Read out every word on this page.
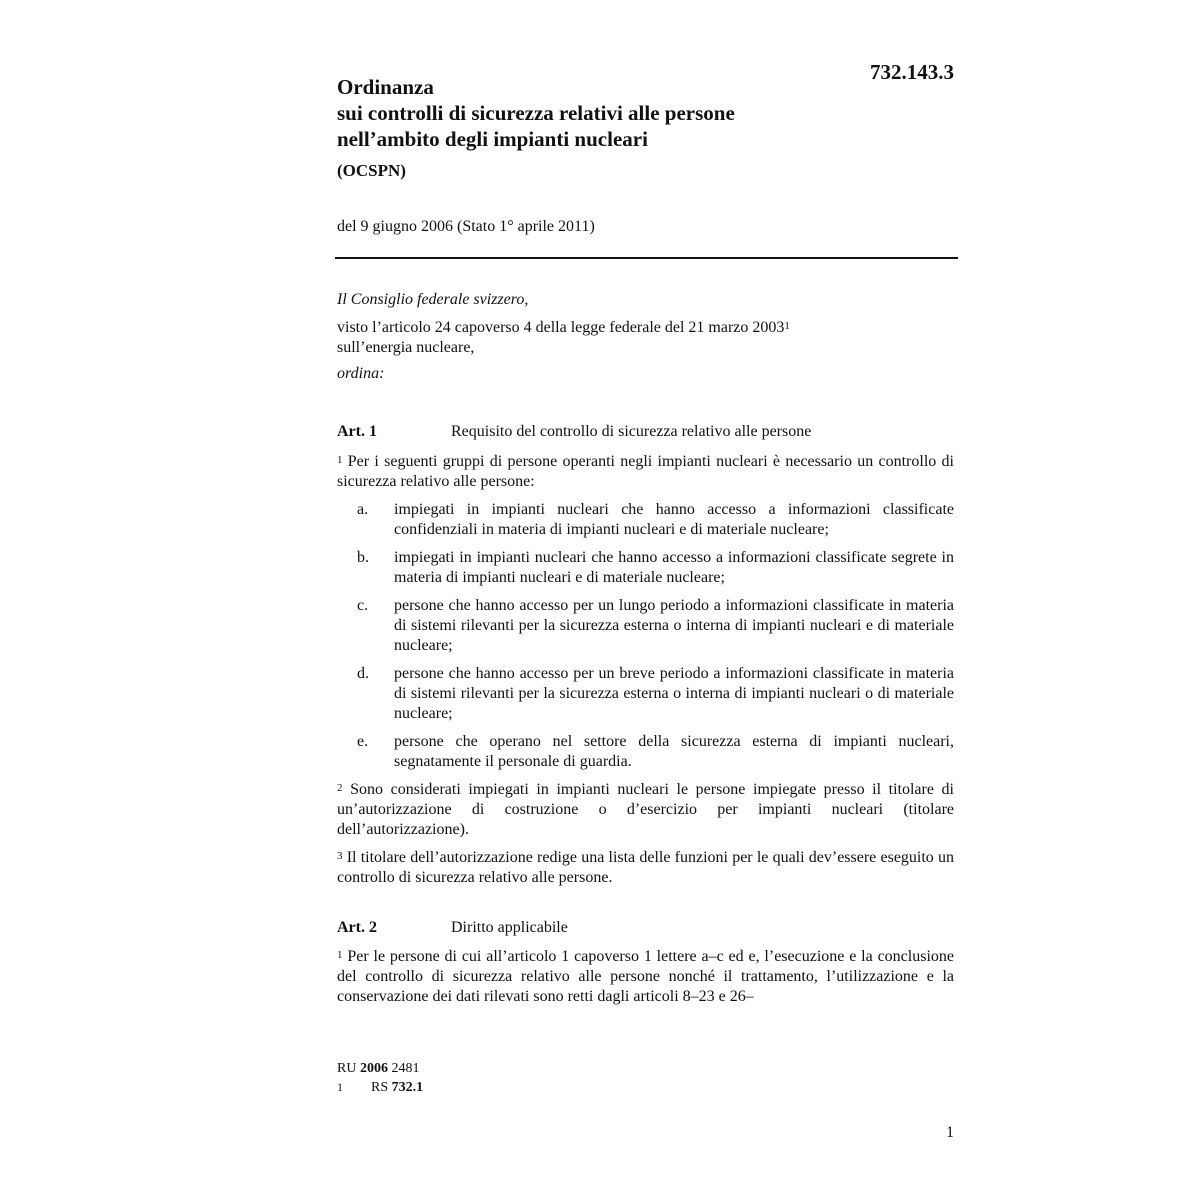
732.143.3
Ordinanza
sui controlli di sicurezza relativi alle persone
nell’ambito degli impianti nucleari
(OCSPN)
del 9 giugno 2006 (Stato 1° aprile 2011)
Il Consiglio federale svizzero,
visto l’articolo 24 capoverso 4 della legge federale del 21 marzo 2003$^1$
sull’energia nucleare,
ordina:
Art. 1	Requisito del controllo di sicurezza relativo alle persone
$^1$ Per i seguenti gruppi di persone operanti negli impianti nucleari è necessario un controllo di sicurezza relativo alle persone:
a. impiegati in impianti nucleari che hanno accesso a informazioni classificate confidenziali in materia di impianti nucleari e di materiale nucleare;
b. impiegati in impianti nucleari che hanno accesso a informazioni classificate segrete in materia di impianti nucleari e di materiale nucleare;
c. persone che hanno accesso per un lungo periodo a informazioni classificate in materia di sistemi rilevanti per la sicurezza esterna o interna di impianti nucleari e di materiale nucleare;
d. persone che hanno accesso per un breve periodo a informazioni classificate in materia di sistemi rilevanti per la sicurezza esterna o interna di impianti nucleari o di materiale nucleare;
e. persone che operano nel settore della sicurezza esterna di impianti nucleari, segnatamente il personale di guardia.
$^2$ Sono considerati impiegati in impianti nucleari le persone impiegate presso il titolare di un’autorizzazione di costruzione o d’esercizio per impianti nucleari (titolare dell’autorizzazione).
$^3$ Il titolare dell’autorizzazione redige una lista delle funzioni per le quali dev’essere eseguito un controllo di sicurezza relativo alle persone.
Art. 2	Diritto applicabile
$^1$ Per le persone di cui all’articolo 1 capoverso 1 lettere a–c ed e, l’esecuzione e la conclusione del controllo di sicurezza relativo alle persone nonché il trattamento, l’utilizzazione e la conservazione dei dati rilevati sono retti dagli articoli 8–23 e 26–
RU 2006 2481
1 RS 732.1
1
